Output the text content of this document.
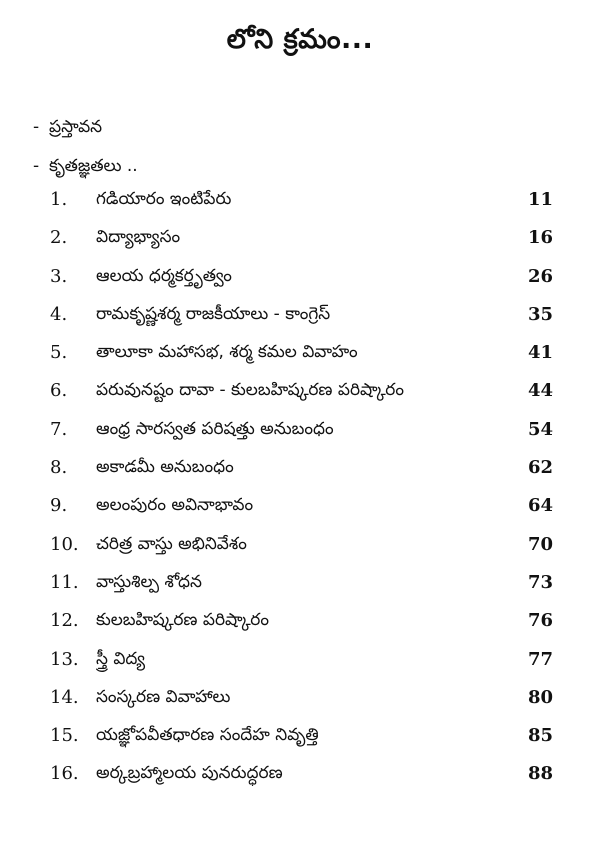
లోని క్రమం...
- ప్రస్తావన
- కృతజ్ఞతలు ..
1. గడియారం ఇంటిపేరు	11
2. విద్యాభ్యాసం	16
3. ఆలయ ధర్మకర్తృత్వం	26
4. రామకృష్ణశర్మ రాజకీయాలు - కాంగ్రెస్	35
5. తాలూకా మహాసభ, శర్మ కమల వివాహం	41
6. పరువునష్టం దావా - కులబహిష్కరణ పరిష్కారం	44
7. ఆంధ్ర సారస్వత పరిషత్తు అనుబంధం	54
8. అకాడమీ అనుబంధం	62
9. అలంపురం అవినాభావం	64
10. చరిత్ర వాస్తు అభినివేశం	70
11. వాస్తుశిల్ప శోధన	73
12. కులబహిష్కరణ పరిష్కారం	76
13. స్త్రీ విద్య	77
14. సంస్కరణ వివాహాలు	80
15. యజ్ఞోపవీతధారణ సందేహ నివృత్తి	85
16. అర్కబ్రహ్మాలయ పునరుద్ధరణ	88
